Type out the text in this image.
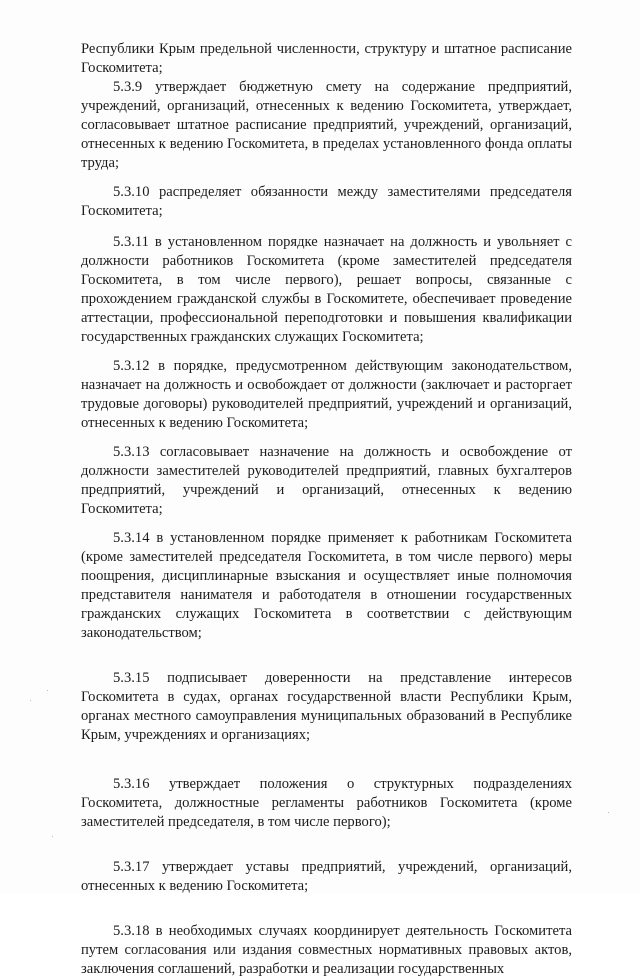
Республики Крым предельной численности, структуру и штатное расписание Госкомитета;

5.3.9 утверждает бюджетную смету на содержание предприятий, учреждений, организаций, отнесенных к ведению Госкомитета, утверждает, согласовывает штатное расписание предприятий, учреждений, организаций, отнесенных к ведению Госкомитета, в пределах установленного фонда оплаты труда;

5.3.10 распределяет обязанности между заместителями председателя Госкомитета;

5.3.11 в установленном порядке назначает на должность и увольняет с должности работников Госкомитета (кроме заместителей председателя Госкомитета, в том числе первого), решает вопросы, связанные с прохождением гражданской службы в Госкомитете, обеспечивает проведение аттестации, профессиональной переподготовки и повышения квалификации государственных гражданских служащих Госкомитета;

5.3.12 в порядке, предусмотренном действующим законодательством, назначает на должность и освобождает от должности (заключает и расторгает трудовые договоры) руководителей предприятий, учреждений и организаций, отнесенных к ведению Госкомитета;

5.3.13 согласовывает назначение на должность и освобождение от должности заместителей руководителей предприятий, главных бухгалтеров предприятий, учреждений и организаций, отнесенных к ведению Госкомитета;

5.3.14 в установленном порядке применяет к работникам Госкомитета (кроме заместителей председателя Госкомитета, в том числе первого) меры поощрения, дисциплинарные взыскания и осуществляет иные полномочия представителя нанимателя и работодателя в отношении государственных гражданских служащих Госкомитета в соответствии с действующим законодательством;

5.3.15 подписывает доверенности на представление интересов Госкомитета в судах, органах государственной власти Республики Крым, органах местного самоуправления муниципальных образований в Республике Крым, учреждениях и организациях;

5.3.16 утверждает положения о структурных подразделениях Госкомитета, должностные регламенты работников Госкомитета (кроме заместителей председателя, в том числе первого);

5.3.17 утверждает уставы предприятий, учреждений, организаций, отнесенных к ведению Госкомитета;

5.3.18 в необходимых случаях координирует деятельность Госкомитета путем согласования или издания совместных нормативных правовых актов, заключения соглашений, разработки и реализации государственных
